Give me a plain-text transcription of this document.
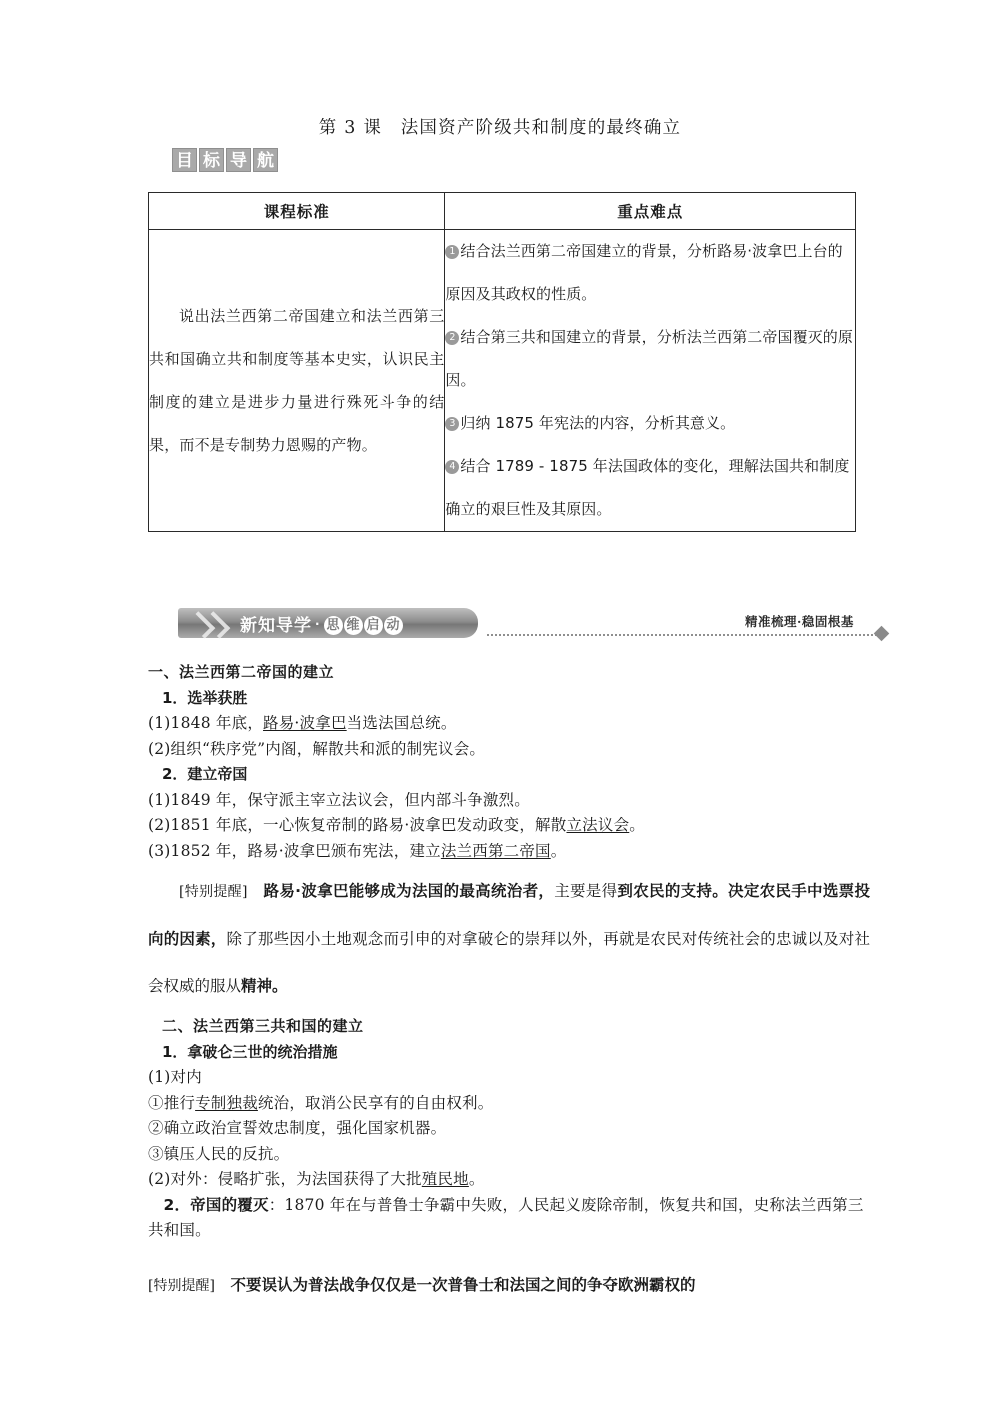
第 3 课　法国资产阶级共和制度的最终确立
目 标 导 航
课程标准	重点难点
说出法兰西第二帝国建立和法兰西第三共和国确立共和制度等基本史实，认识民主制度的建立是进步力量进行殊死斗争的结果，而不是专制势力恩赐的产物。	1 结合法兰西第二帝国建立的背景，分析路易·波拿巴上台的原因及其政权的性质。
2 结合第三共和国建立的背景，分析法兰西第二帝国覆灭的原因。
3 归纳 1875 年宪法的内容，分析其意义。
4 结合 1789 - 1875 年法国政体的变化，理解法国共和制度确立的艰巨性及其原因。
新知导学 · 思 维 启 动	精准梳理·稳固根基
一、法兰西第二帝国的建立
1．选举获胜
(1)1848 年底，路易·波拿巴当选法国总统。
(2)组织“秩序党”内阁，解散共和派的制宪议会。
2．建立帝国
(1)1849 年，保守派主宰立法议会，但内部斗争激烈。
(2)1851 年底，一心恢复帝制的路易·波拿巴发动政变，解散立法议会。
(3)1852 年，路易·波拿巴颁布宪法，建立法兰西第二帝国。
[特别提醒]　 路易·波拿巴能够成为法国的最高统治者，主要是得到农民的支持。决定农民手中选票投向的因素，除了那些因小土地观念而引申的对拿破仑的崇拜以外，再就是农民对传统社会的忠诚以及对社会权威的服从精神。
二、法兰西第三共和国的建立
1．拿破仑三世的统治措施
(1)对内
①推行专制独裁统治，取消公民享有的自由权利。
②确立政治宣誓效忠制度，强化国家机器。
③镇压人民的反抗。
(2)对外：侵略扩张，为法国获得了大批殖民地。
2．帝国的覆灭：1870 年在与普鲁士争霸中失败，人民起义废除帝制，恢复共和国，史称法兰西第三共和国。
[特别提醒]　 不要误认为普法战争仅仅是一次普鲁士和法国之间的争夺欧洲霸权的
